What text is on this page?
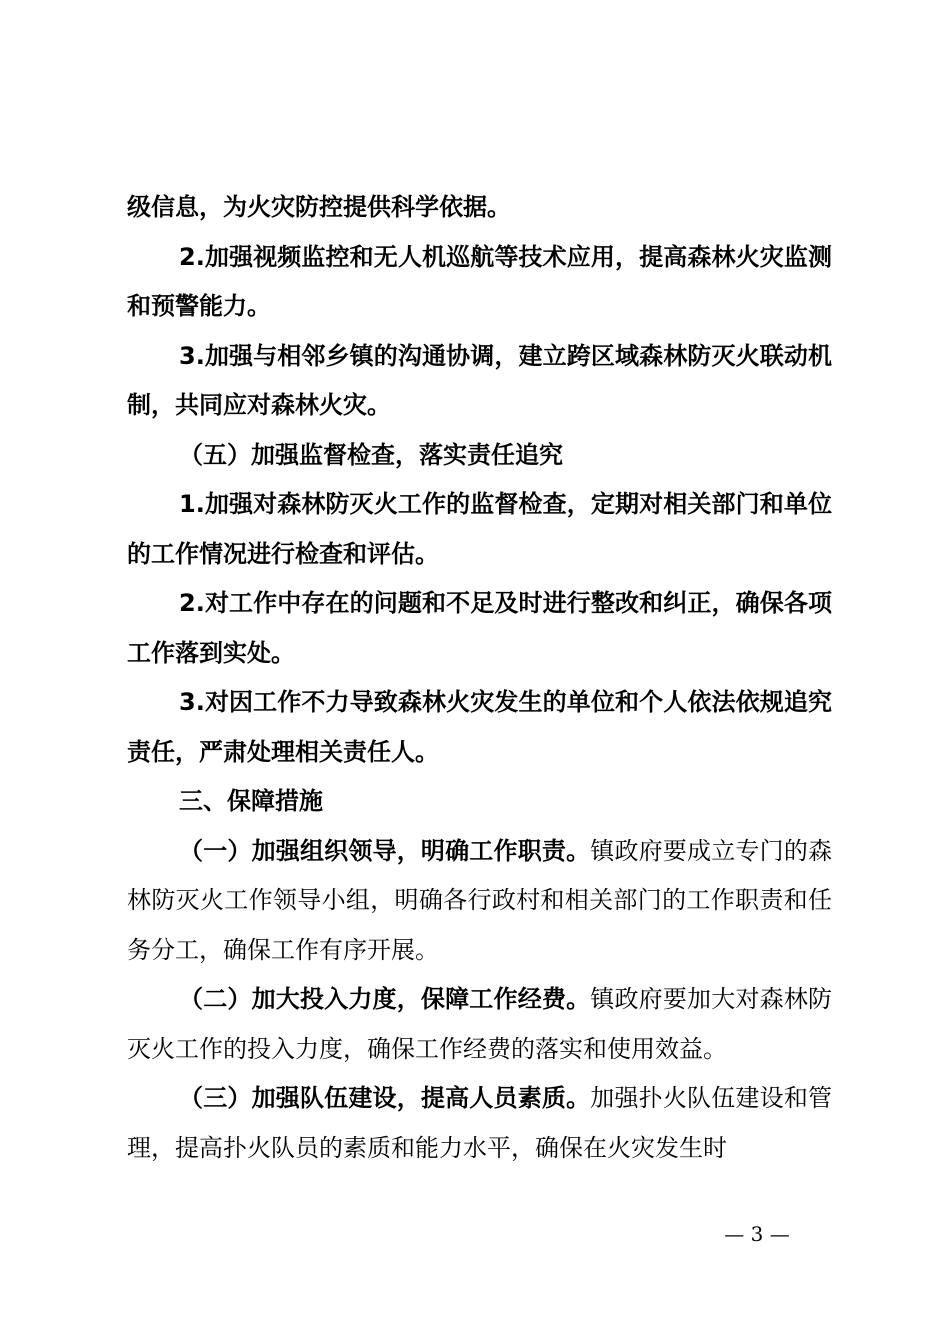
级信息，为火灾防控提供科学依据。

2.加强视频监控和无人机巡航等技术应用，提高森林火灾监测和预警能力。

3.加强与相邻乡镇的沟通协调，建立跨区域森林防灭火联动机制，共同应对森林火灾。

（五）加强监督检查，落实责任追究

1.加强对森林防灭火工作的监督检查，定期对相关部门和单位的工作情况进行检查和评估。

2.对工作中存在的问题和不足及时进行整改和纠正，确保各项工作落到实处。

3.对因工作不力导致森林火灾发生的单位和个人依法依规追究责任，严肃处理相关责任人。

三、保障措施

（一）加强组织领导，明确工作职责。镇政府要成立专门的森林防灭火工作领导小组，明确各行政村和相关部门的工作职责和任务分工，确保工作有序开展。

（二）加大投入力度，保障工作经费。镇政府要加大对森林防灭火工作的投入力度，确保工作经费的落实和使用效益。

（三）加强队伍建设，提高人员素质。加强扑火队伍建设和管理，提高扑火队员的素质和能力水平，确保在火灾发生时

— 3 —
